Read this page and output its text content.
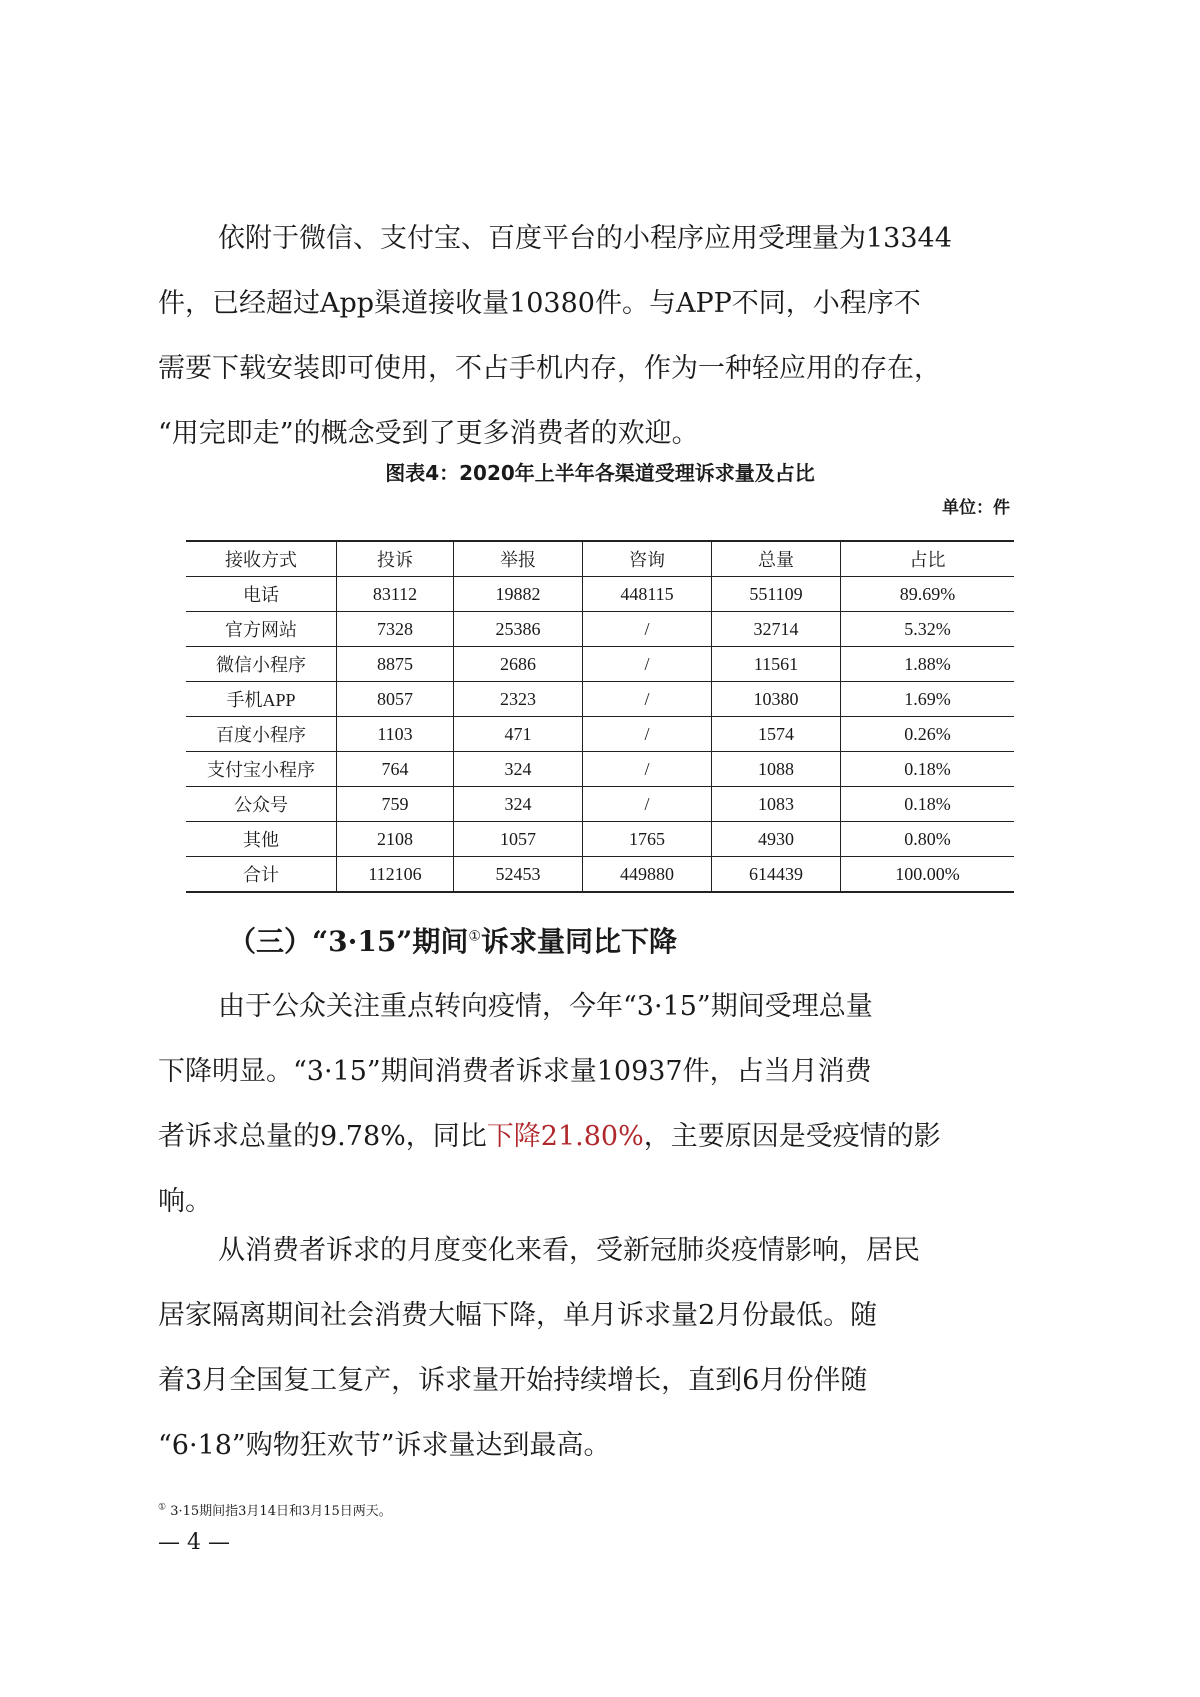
依附于微信、支付宝、百度平台的小程序应用受理量为13344
件，已经超过App渠道接收量10380件。与APP不同，小程序不
需要下载安装即可使用，不占手机内存，作为一种轻应用的存在，
“用完即走”的概念受到了更多消费者的欢迎。
图表4：2020年上半年各渠道受理诉求量及占比
单位：件
接收方式	投诉	举报	咨询	总量	占比
电话	83112	19882	448115	551109	89.69%
官方网站	7328	25386	/	32714	5.32%
微信小程序	8875	2686	/	11561	1.88%
手机APP	8057	2323	/	10380	1.69%
百度小程序	1103	471	/	1574	0.26%
支付宝小程序	764	324	/	1088	0.18%
公众号	759	324	/	1083	0.18%
其他	2108	1057	1765	4930	0.80%
合计	112106	52453	449880	614439	100.00%
（三）“3·15”期间①诉求量同比下降
由于公众关注重点转向疫情，今年“3·15”期间受理总量
下降明显。“3·15”期间消费者诉求量10937件，占当月消费
者诉求总量的9.78%，同比下降21.80%，主要原因是受疫情的影
响。
从消费者诉求的月度变化来看，受新冠肺炎疫情影响，居民
居家隔离期间社会消费大幅下降，单月诉求量2月份最低。随
着3月全国复工复产，诉求量开始持续增长，直到6月份伴随
“6·18”购物狂欢节”诉求量达到最高。
① 3·15期间指3月14日和3月15日两天。
— 4 —
